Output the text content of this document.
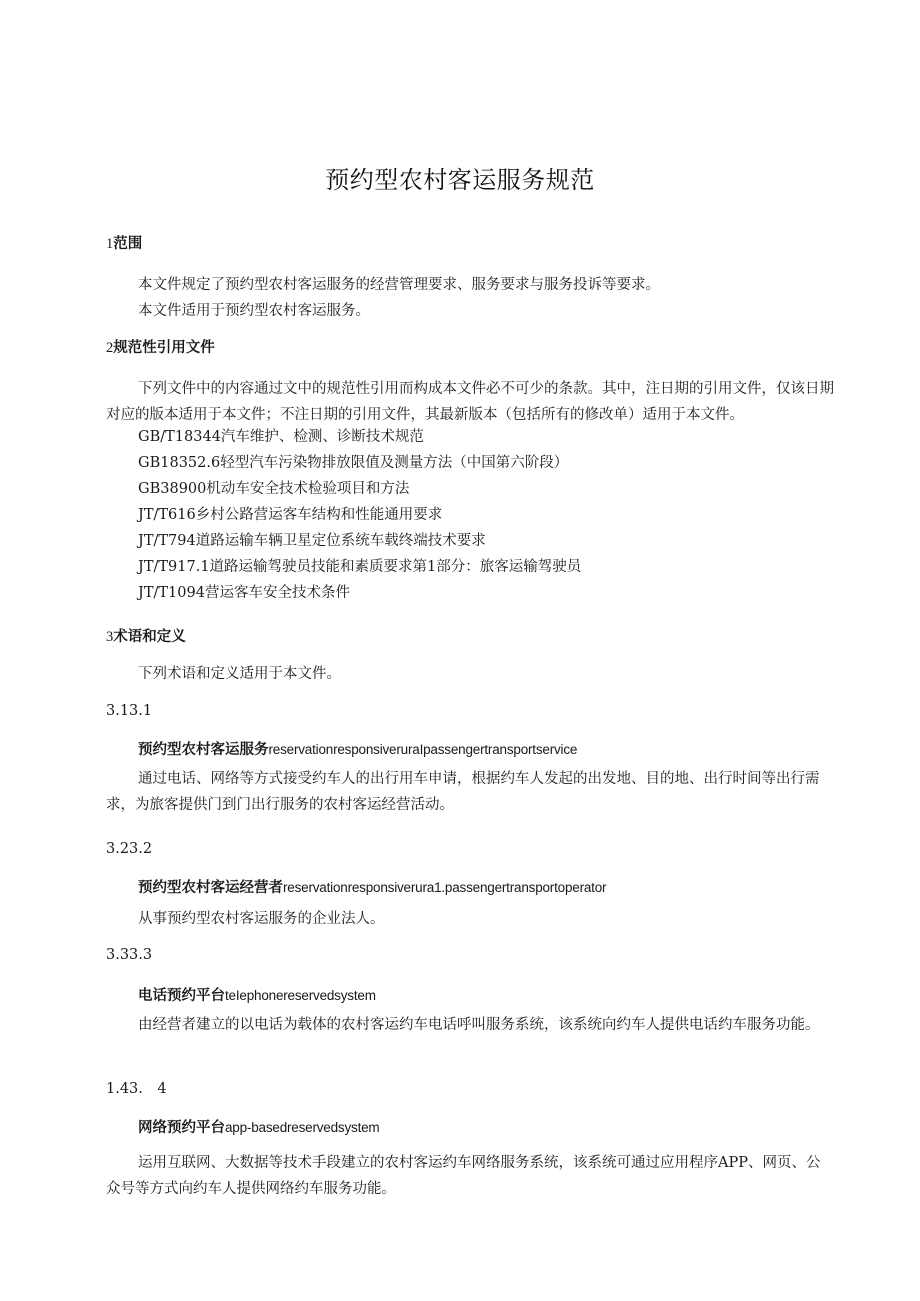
预约型农村客运服务规范
1范围
本文件规定了预约型农村客运服务的经营管理要求、服务要求与服务投诉等要求。
本文件适用于预约型农村客运服务。
2规范性引用文件
下列文件中的内容通过文中的规范性引用而构成本文件必不可少的条款。其中，注日期的引用文件，仅该日期对应的版本适用于本文件；不注日期的引用文件，其最新版本（包括所有的修改单）适用于本文件。
GB/T18344汽车维护、检测、诊断技术规范
GB18352.6轻型汽车污染物排放限值及测量方法（中国第六阶段）
GB38900机动车安全技术检验项目和方法
JT/T616乡村公路营运客车结构和性能通用要求
JT/T794道路运输车辆卫星定位系统车载终端技术要求
JT/T917.1道路运输驾驶员技能和素质要求第1部分：旅客运输驾驶员
JT/T1094营运客车安全技术条件
3术语和定义
下列术语和定义适用于本文件。
3.13.1
预约型农村客运服务reservationresponsiveruraIpassengertransportservice
通过电话、网络等方式接受约车人的出行用车申请，根据约车人发起的出发地、目的地、出行时间等出行需求，为旅客提供门到门出行服务的农村客运经营活动。
3.23.2
预约型农村客运经营者reservationresponsiverura1.passengertransportoperator
从事预约型农村客运服务的企业法人。
3.33.3
电话预约平台teIephonereservedsystem
由经营者建立的以电话为载体的农村客运约车电话呼叫服务系统，该系统向约车人提供电话约车服务功能。
1.43.　4
网络预约平台app-basedreservedsystem
运用互联网、大数据等技术手段建立的农村客运约车网络服务系统，该系统可通过应用程序APP、网页、公众号等方式向约车人提供网络约车服务功能。
